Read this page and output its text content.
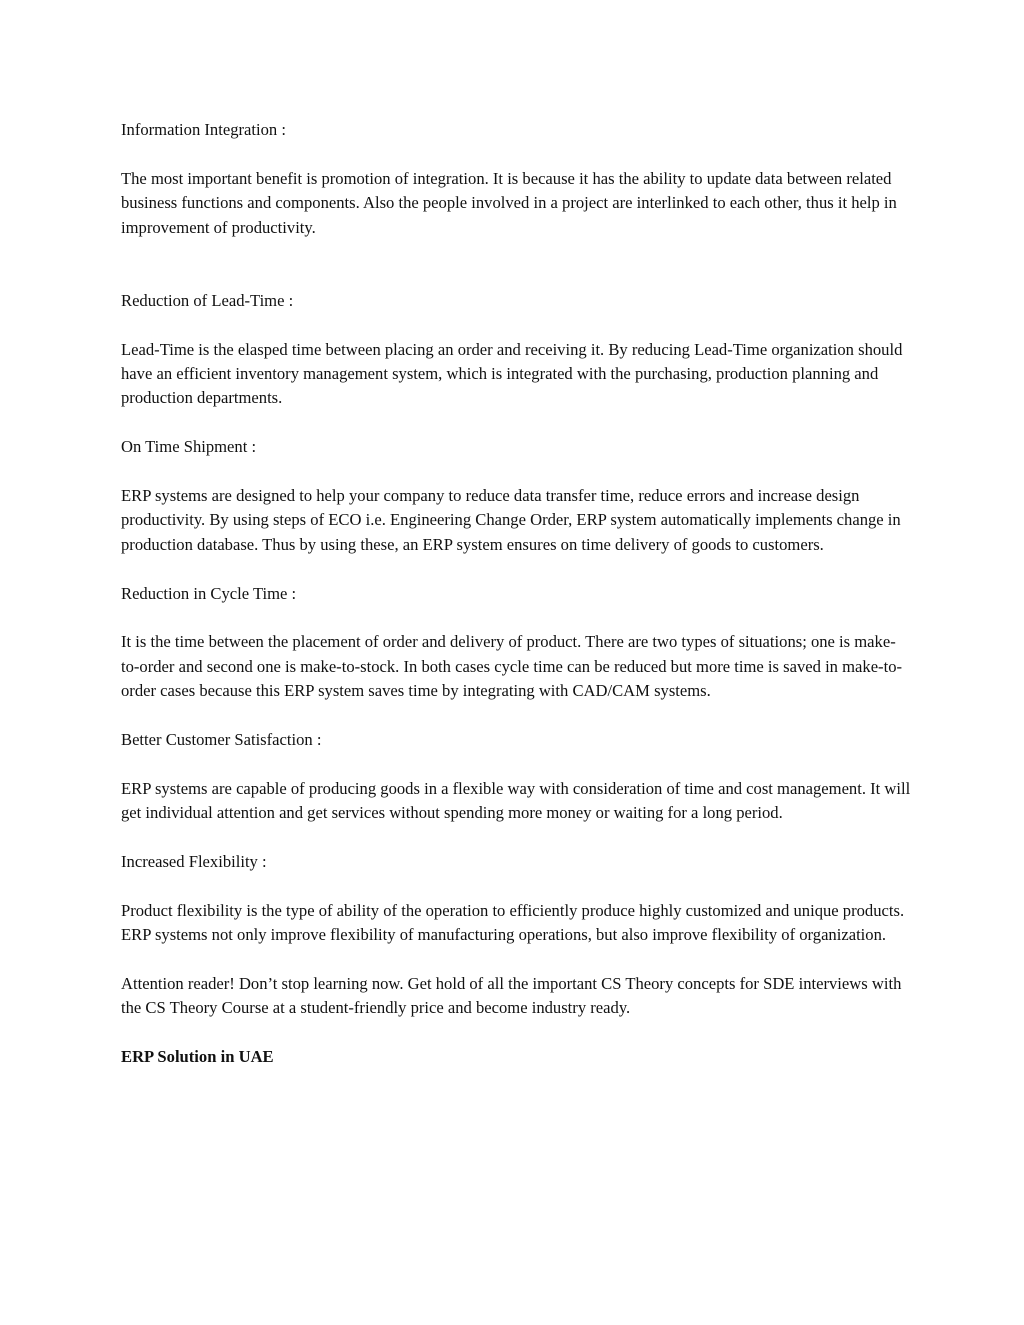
Information Integration :

The most important benefit is promotion of integration. It is because it has the ability to update data between related business functions and components. Also the people involved in a project are interlinked to each other, thus it help in improvement of productivity.

Reduction of Lead-Time :

Lead-Time is the elasped time between placing an order and receiving it. By reducing Lead-Time organization should have an efficient inventory management system, which is integrated with the purchasing, production planning and production departments.

On Time Shipment :

ERP systems are designed to help your company to reduce data transfer time, reduce errors and increase design productivity. By using steps of ECO i.e. Engineering Change Order, ERP system automatically implements change in production database. Thus by using these, an ERP system ensures on time delivery of goods to customers.

Reduction in Cycle Time :

It is the time between the placement of order and delivery of product. There are two types of situations; one is make-to-order and second one is make-to-stock. In both cases cycle time can be reduced but more time is saved in make-to-order cases because this ERP system saves time by integrating with CAD/CAM systems.

Better Customer Satisfaction :

ERP systems are capable of producing goods in a flexible way with consideration of time and cost management. It will get individual attention and get services without spending more money or waiting for a long period.

Increased Flexibility :

Product flexibility is the type of ability of the operation to efficiently produce highly customized and unique products. ERP systems not only improve flexibility of manufacturing operations, but also improve flexibility of organization.

Attention reader! Don’t stop learning now. Get hold of all the important CS Theory concepts for SDE interviews with the CS Theory Course at a student-friendly price and become industry ready.

ERP Solution in UAE
